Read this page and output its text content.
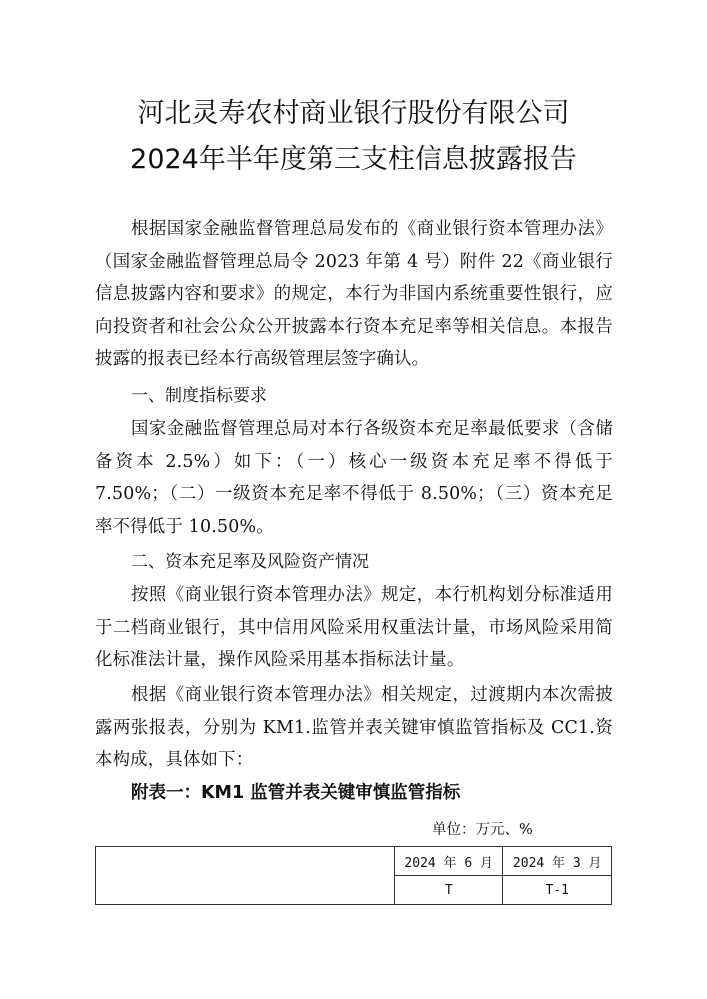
河北灵寿农村商业银行股份有限公司
2024年半年度第三支柱信息披露报告

根据国家金融监督管理总局发布的《商业银行资本管理办法》（国家金融监督管理总局令 2023 年第 4 号）附件 22《商业银行信息披露内容和要求》的规定，本行为非国内系统重要性银行，应向投资者和社会公众公开披露本行资本充足率等相关信息。本报告披露的报表已经本行高级管理层签字确认。

一、制度指标要求

国家金融监督管理总局对本行各级资本充足率最低要求（含储备资本 2.5%）如下：（一）核心一级资本充足率不得低于 7.50%；（二）一级资本充足率不得低于 8.50%；（三）资本充足率不得低于 10.50%。

二、资本充足率及风险资产情况

按照《商业银行资本管理办法》规定，本行机构划分标准适用于二档商业银行，其中信用风险采用权重法计量，市场风险采用简化标准法计量，操作风险采用基本指标法计量。

根据《商业银行资本管理办法》相关规定，过渡期内本次需披露两张报表，分别为 KM1.监管并表关键审慎监管指标及 CC1.资本构成，具体如下：

附表一：KM1 监管并表关键审慎监管指标

单位：万元、%

	2024 年 6 月	2024 年 3 月
	T	T-1
